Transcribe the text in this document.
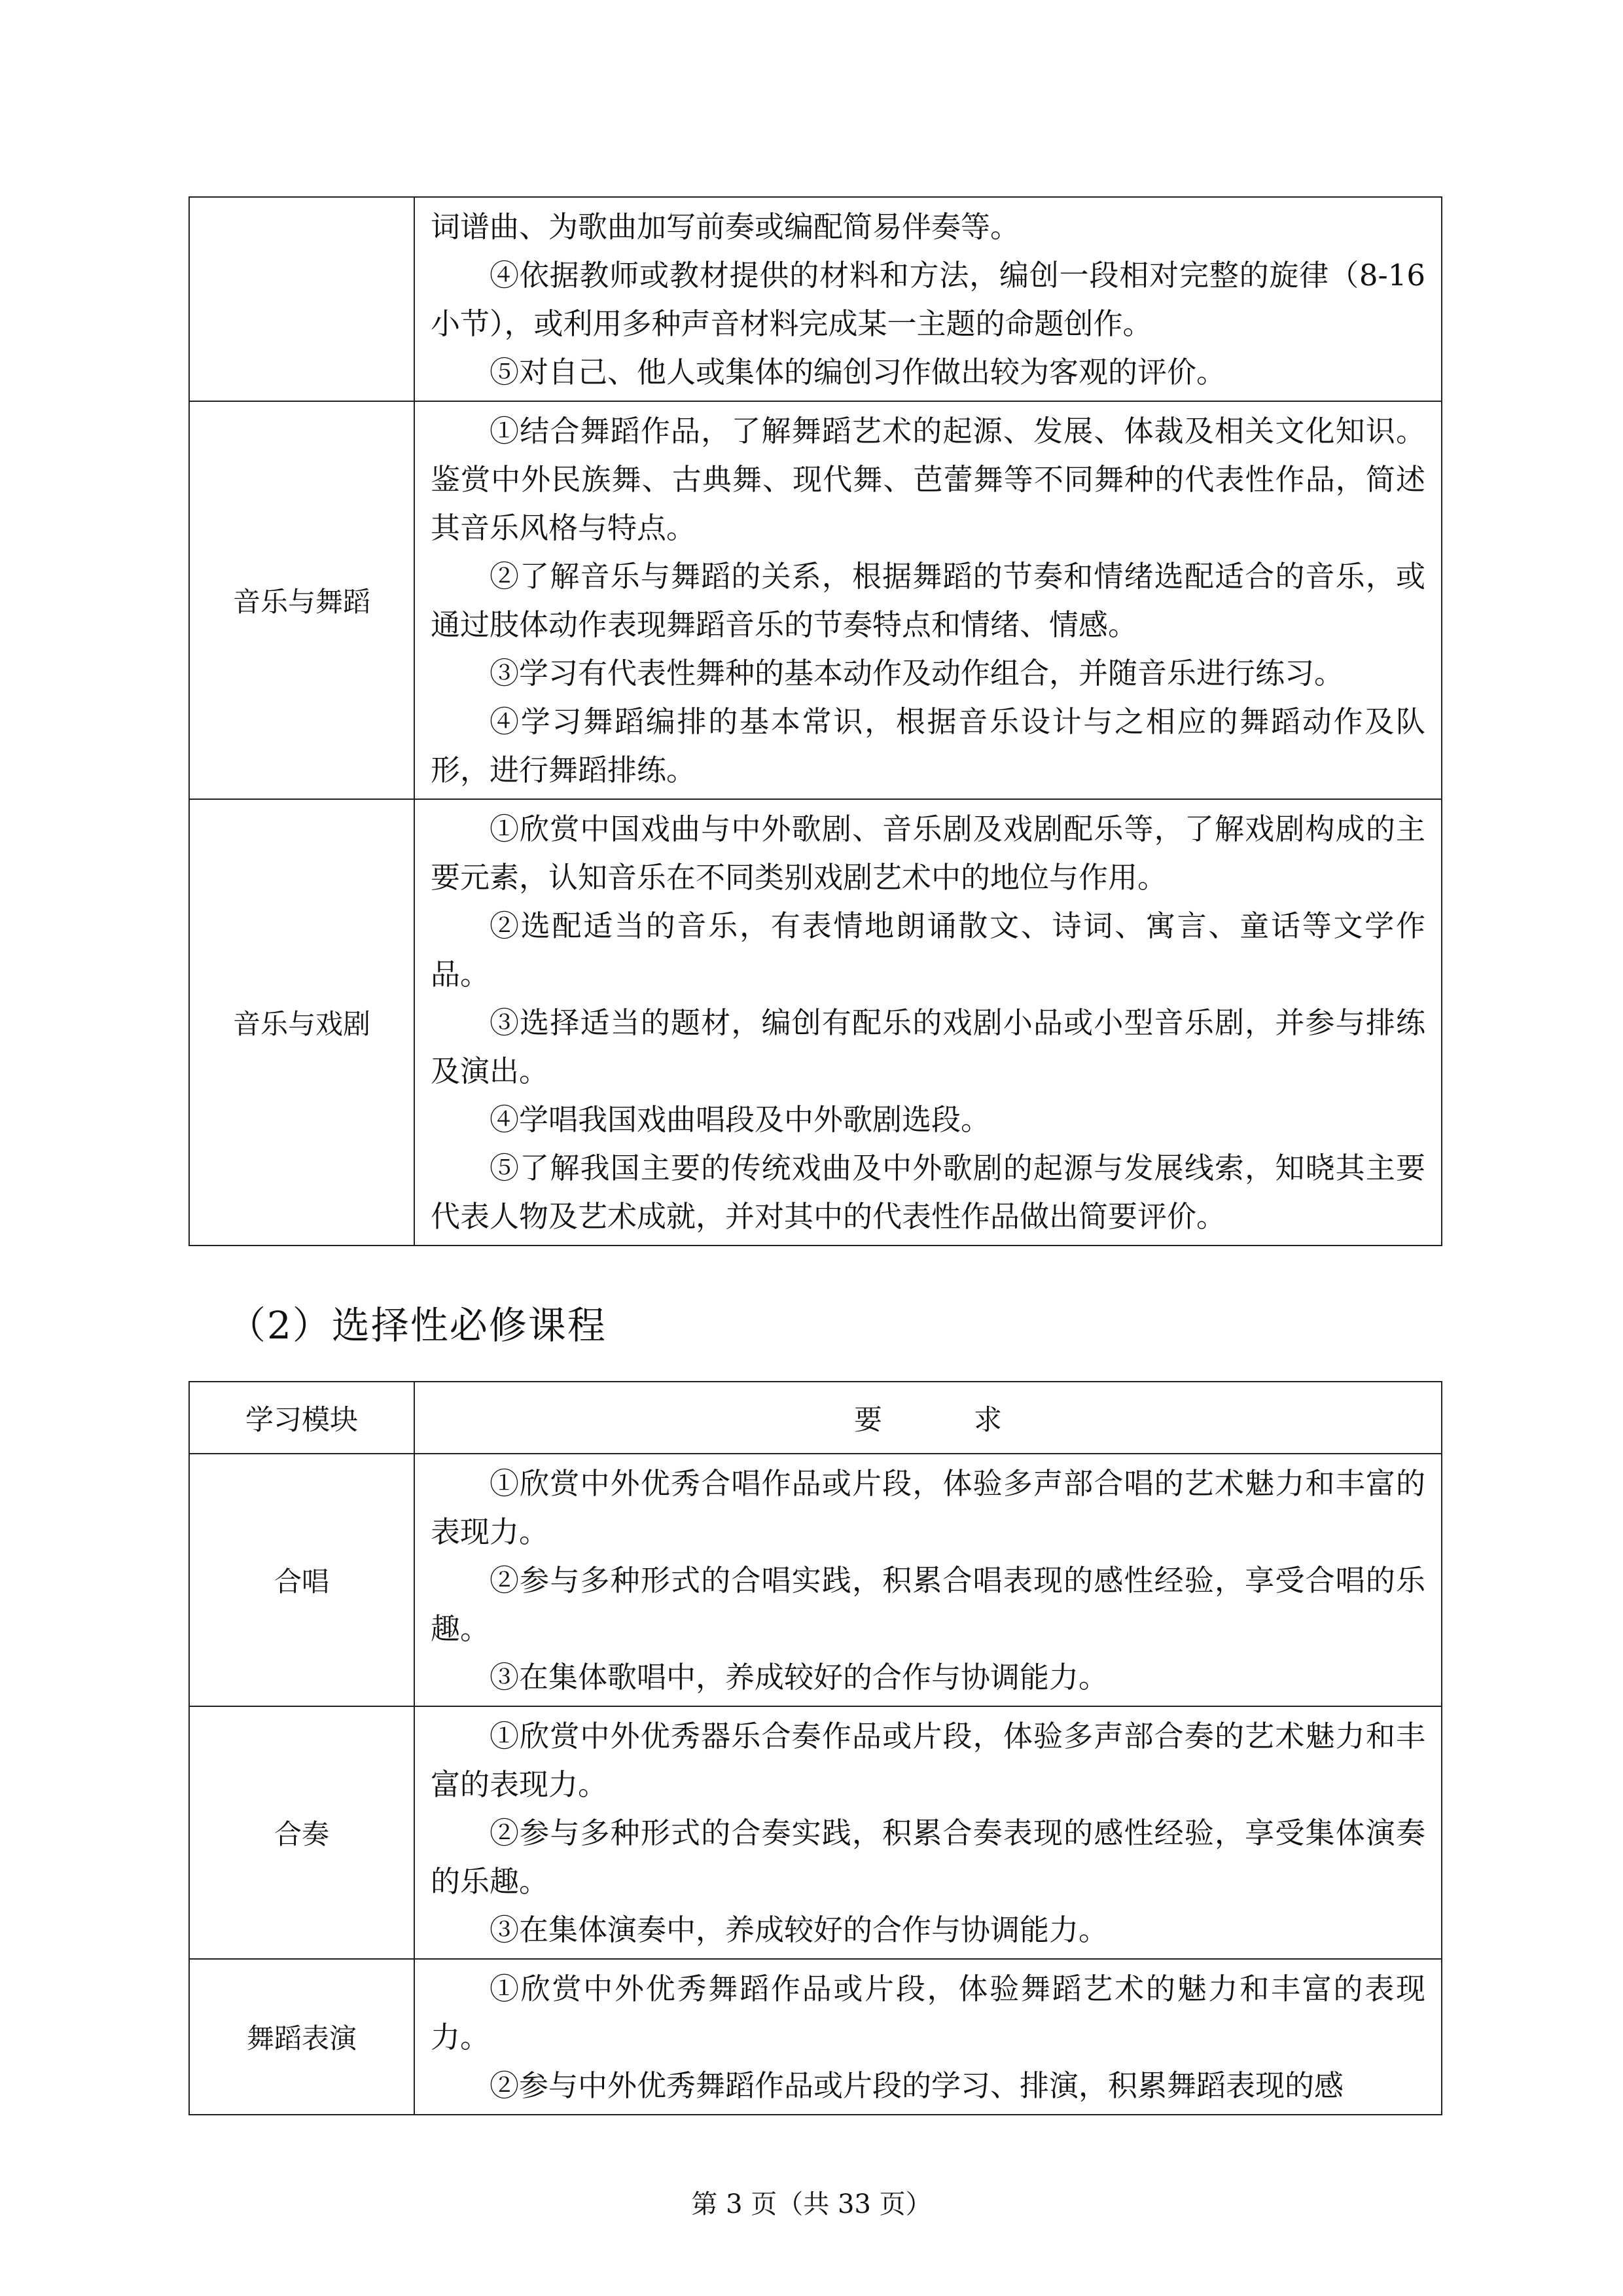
	词谱曲、为歌曲加写前奏或编配简易伴奏等。

④依据教师或教材提供的材料和方法，编创一段相对完整的旋律（8-16 小节），或利用多种声音材料完成某一主题的命题创作。

⑤对自己、他人或集体的编创习作做出较为客观的评价。

音乐与舞蹈	①结合舞蹈作品，了解舞蹈艺术的起源、发展、体裁及相关文化知识。鉴赏中外民族舞、古典舞、现代舞、芭蕾舞等不同舞种的代表性作品，简述其音乐风格与特点。

②了解音乐与舞蹈的关系，根据舞蹈的节奏和情绪选配适合的音乐，或通过肢体动作表现舞蹈音乐的节奏特点和情绪、情感。

③学习有代表性舞种的基本动作及动作组合，并随音乐进行练习。

④学习舞蹈编排的基本常识，根据音乐设计与之相应的舞蹈动作及队形，进行舞蹈排练。

音乐与戏剧	①欣赏中国戏曲与中外歌剧、音乐剧及戏剧配乐等，了解戏剧构成的主要元素，认知音乐在不同类别戏剧艺术中的地位与作用。

②选配适当的音乐，有表情地朗诵散文、诗词、寓言、童话等文学作品。

③选择适当的题材，编创有配乐的戏剧小品或小型音乐剧，并参与排练及演出。

④学唱我国戏曲唱段及中外歌剧选段。

⑤了解我国主要的传统戏曲及中外歌剧的起源与发展线索，知晓其主要代表人物及艺术成就，并对其中的代表性作品做出简要评价。

（2）选择性必修课程
学习模块	要求
合唱	①欣赏中外优秀合唱作品或片段，体验多声部合唱的艺术魅力和丰富的表现力。

②参与多种形式的合唱实践，积累合唱表现的感性经验，享受合唱的乐趣。

③在集体歌唱中，养成较好的合作与协调能力。

合奏	①欣赏中外优秀器乐合奏作品或片段，体验多声部合奏的艺术魅力和丰富的表现力。

②参与多种形式的合奏实践，积累合奏表现的感性经验，享受集体演奏的乐趣。

③在集体演奏中，养成较好的合作与协调能力。

舞蹈表演	①欣赏中外优秀舞蹈作品或片段，体验舞蹈艺术的魅力和丰富的表现力。

②参与中外优秀舞蹈作品或片段的学习、排演，积累舞蹈表现的感

第 3 页（共 33 页）
